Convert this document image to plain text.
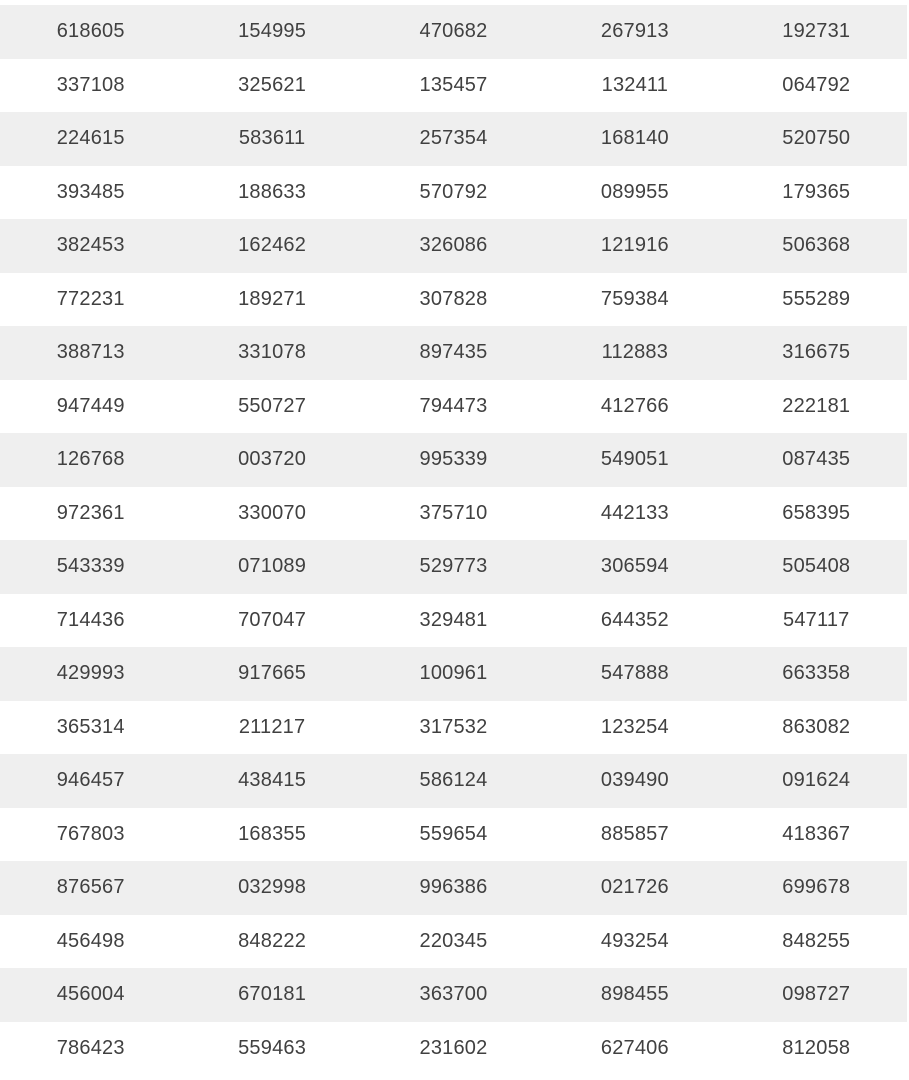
618605	154995	470682	267913	192731
337108	325621	135457	132411	064792
224615	583611	257354	168140	520750
393485	188633	570792	089955	179365
382453	162462	326086	121916	506368
772231	189271	307828	759384	555289
388713	331078	897435	112883	316675
947449	550727	794473	412766	222181
126768	003720	995339	549051	087435
972361	330070	375710	442133	658395
543339	071089	529773	306594	505408
714436	707047	329481	644352	547117
429993	917665	100961	547888	663358
365314	211217	317532	123254	863082
946457	438415	586124	039490	091624
767803	168355	559654	885857	418367
876567	032998	996386	021726	699678
456498	848222	220345	493254	848255
456004	670181	363700	898455	098727
786423	559463	231602	627406	812058
